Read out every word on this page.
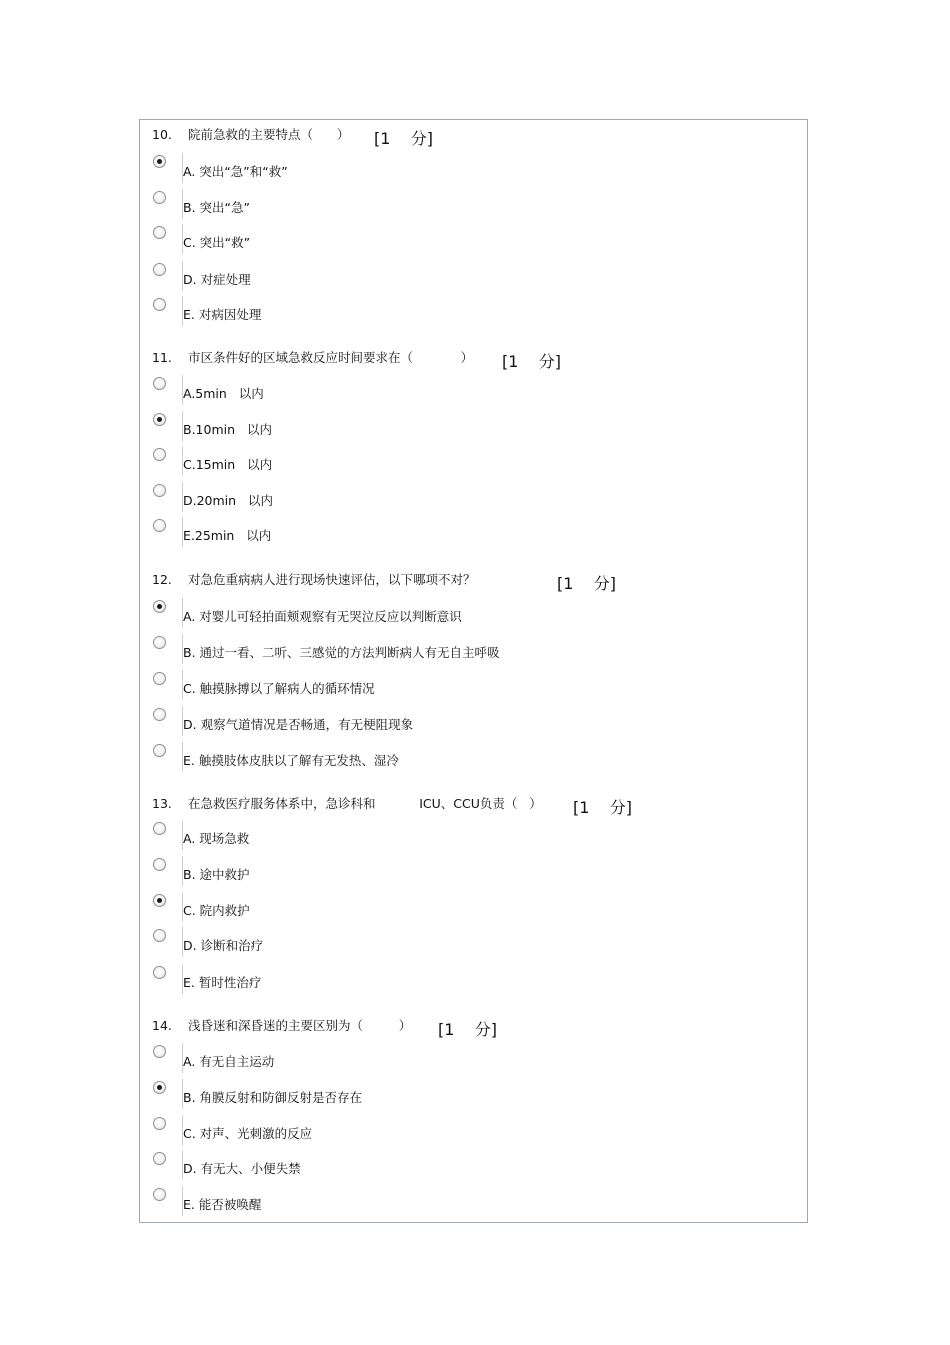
10. 院前急救的主要特点（      ） [1    分]
A. 突出“急”和“救”
B. 突出“急”
C. 突出“救”
D. 对症处理
E. 对病因处理
11. 市区条件好的区域急救反应时间要求在（            ） [1    分]
A.5min   以内
B.10min   以内
C.15min   以内
D.20min   以内
E.25min   以内
12. 对急危重病病人进行现场快速评估，以下哪项不对？	[1    分]
A. 对婴儿可轻拍面颊观察有无哭泣反应以判断意识
B. 通过一看、二听、三感觉的方法判断病人有无自主呼吸
C. 触摸脉搏以了解病人的循环情况
D. 观察气道情况是否畅通，有无梗阻现象
E. 触摸肢体皮肤以了解有无发热、湿冷
13. 在急救医疗服务体系中，急诊科和           ICU、CCU负责（   ） [1    分]
A. 现场急救
B. 途中救护
C. 院内救护
D. 诊断和治疗
E. 暂时性治疗
14. 浅昏迷和深昏迷的主要区别为（         ） [1    分]
A. 有无自主运动
B. 角膜反射和防御反射是否存在
C. 对声、光刺激的反应
D. 有无大、小便失禁
E. 能否被唤醒
